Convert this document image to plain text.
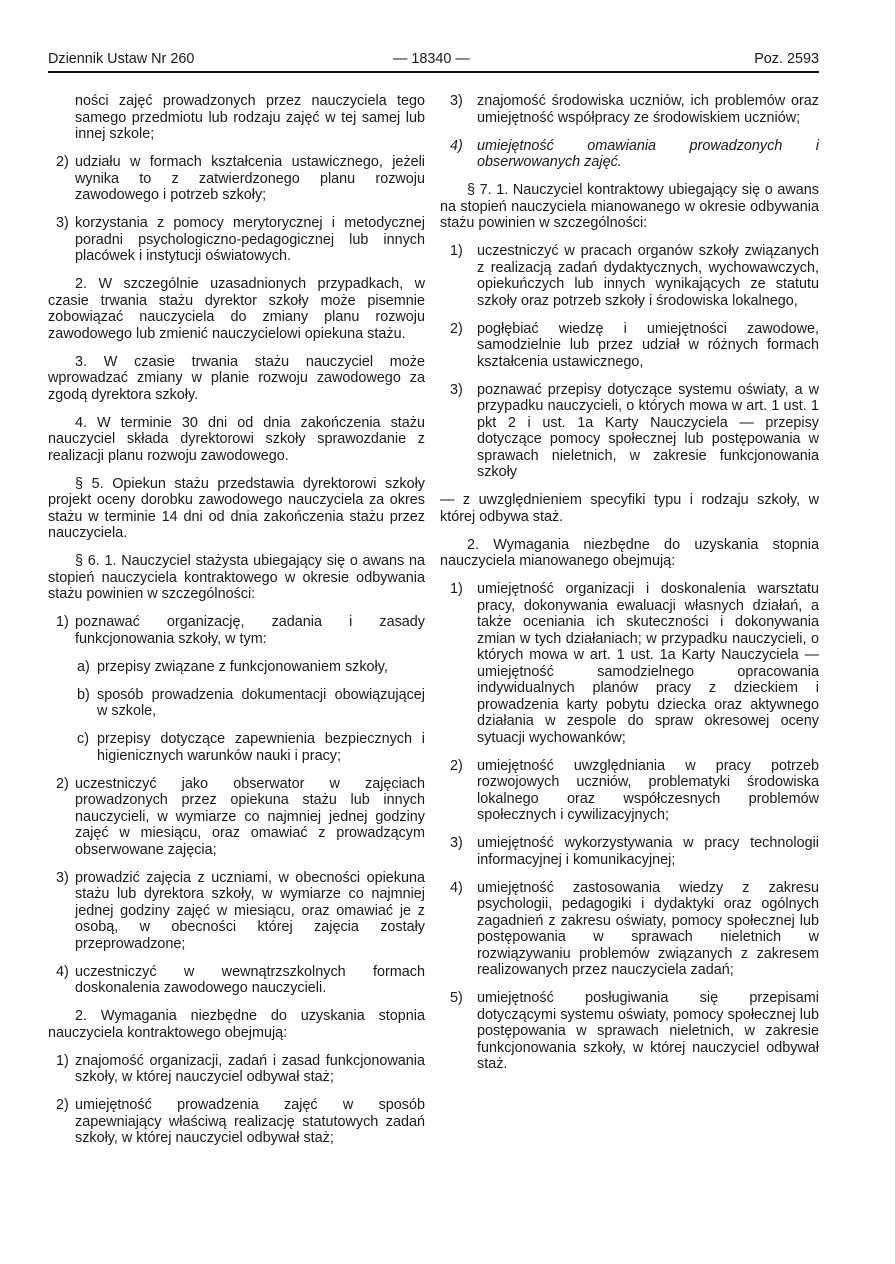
Dziennik Ustaw Nr 260	— 18340 —	Poz. 2593

ności zajęć prowadzonych przez nauczyciela tego samego przedmiotu lub rodzaju zajęć w tej samej lub innej szkole;

2) udziału w formach kształcenia ustawicznego, jeżeli wynika to z zatwierdzonego planu rozwoju zawodowego i potrzeb szkoły;

3) korzystania z pomocy merytorycznej i metodycznej poradni psychologiczno-pedagogicznej lub innych placówek i instytucji oświatowych.

2. W szczególnie uzasadnionych przypadkach, w czasie trwania stażu dyrektor szkoły może pisemnie zobowiązać nauczyciela do zmiany planu rozwoju zawodowego lub zmienić nauczycielowi opiekuna stażu.

3. W czasie trwania stażu nauczyciel może wprowadzać zmiany w planie rozwoju zawodowego za zgodą dyrektora szkoły.

4. W terminie 30 dni od dnia zakończenia stażu nauczyciel składa dyrektorowi szkoły sprawozdanie z realizacji planu rozwoju zawodowego.

§ 5. Opiekun stażu przedstawia dyrektorowi szkoły projekt oceny dorobku zawodowego nauczyciela za okres stażu w terminie 14 dni od dnia zakończenia stażu przez nauczyciela.

§ 6. 1. Nauczyciel stażysta ubiegający się o awans na stopień nauczyciela kontraktowego w okresie odbywania stażu powinien w szczególności:

1) poznawać organizację, zadania i zasady funkcjonowania szkoły, w tym:

a) przepisy związane z funkcjonowaniem szkoły,

b) sposób prowadzenia dokumentacji obowiązującej w szkole,

c) przepisy dotyczące zapewnienia bezpiecznych i higienicznych warunków nauki i pracy;

2) uczestniczyć jako obserwator w zajęciach prowadzonych przez opiekuna stażu lub innych nauczycieli, w wymiarze co najmniej jednej godziny zajęć w miesiącu, oraz omawiać z prowadzącym obserwowane zajęcia;

3) prowadzić zajęcia z uczniami, w obecności opiekuna stażu lub dyrektora szkoły, w wymiarze co najmniej jednej godziny zajęć w miesiącu, oraz omawiać je z osobą, w obecności której zajęcia zostały przeprowadzone;

4) uczestniczyć w wewnątrzszkolnych formach doskonalenia zawodowego nauczycieli.

2. Wymagania niezbędne do uzyskania stopnia nauczyciela kontraktowego obejmują:

1) znajomość organizacji, zadań i zasad funkcjonowania szkoły, w której nauczyciel odbywał staż;

2) umiejętność prowadzenia zajęć w sposób zapewniający właściwą realizację statutowych zadań szkoły, w której nauczyciel odbywał staż;

3) znajomość środowiska uczniów, ich problemów oraz umiejętność współpracy ze środowiskiem uczniów;

4) umiejętność omawiania prowadzonych i obserwowanych zajęć.

§ 7. 1. Nauczyciel kontraktowy ubiegający się o awans na stopień nauczyciela mianowanego w okresie odbywania stażu powinien w szczególności:

1) uczestniczyć w pracach organów szkoły związanych z realizacją zadań dydaktycznych, wychowawczych, opiekuńczych lub innych wynikających ze statutu szkoły oraz potrzeb szkoły i środowiska lokalnego,

2) pogłębiać wiedzę i umiejętności zawodowe, samodzielnie lub przez udział w różnych formach kształcenia ustawicznego,

3) poznawać przepisy dotyczące systemu oświaty, a w przypadku nauczycieli, o których mowa w art. 1 ust. 1 pkt 2 i ust. 1a Karty Nauczyciela — przepisy dotyczące pomocy społecznej lub postępowania w sprawach nieletnich, w zakresie funkcjonowania szkoły

— z uwzględnieniem specyfiki typu i rodzaju szkoły, w której odbywa staż.

2. Wymagania niezbędne do uzyskania stopnia nauczyciela mianowanego obejmują:

1) umiejętność organizacji i doskonalenia warsztatu pracy, dokonywania ewaluacji własnych działań, a także oceniania ich skuteczności i dokonywania zmian w tych działaniach; w przypadku nauczycieli, o których mowa w art. 1 ust. 1a Karty Nauczyciela — umiejętność samodzielnego opracowania indywidualnych planów pracy z dzieckiem i prowadzenia karty pobytu dziecka oraz aktywnego działania w zespole do spraw okresowej oceny sytuacji wychowanków;

2) umiejętność uwzględniania w pracy potrzeb rozwojowych uczniów, problematyki środowiska lokalnego oraz współczesnych problemów społecznych i cywilizacyjnych;

3) umiejętność wykorzystywania w pracy technologii informacyjnej i komunikacyjnej;

4) umiejętność zastosowania wiedzy z zakresu psychologii, pedagogiki i dydaktyki oraz ogólnych zagadnień z zakresu oświaty, pomocy społecznej lub postępowania w sprawach nieletnich w rozwiązywaniu problemów związanych z zakresem realizowanych przez nauczyciela zadań;

5) umiejętność posługiwania się przepisami dotyczącymi systemu oświaty, pomocy społecznej lub postępowania w sprawach nieletnich, w zakresie funkcjonowania szkoły, w której nauczyciel odbywał staż.
